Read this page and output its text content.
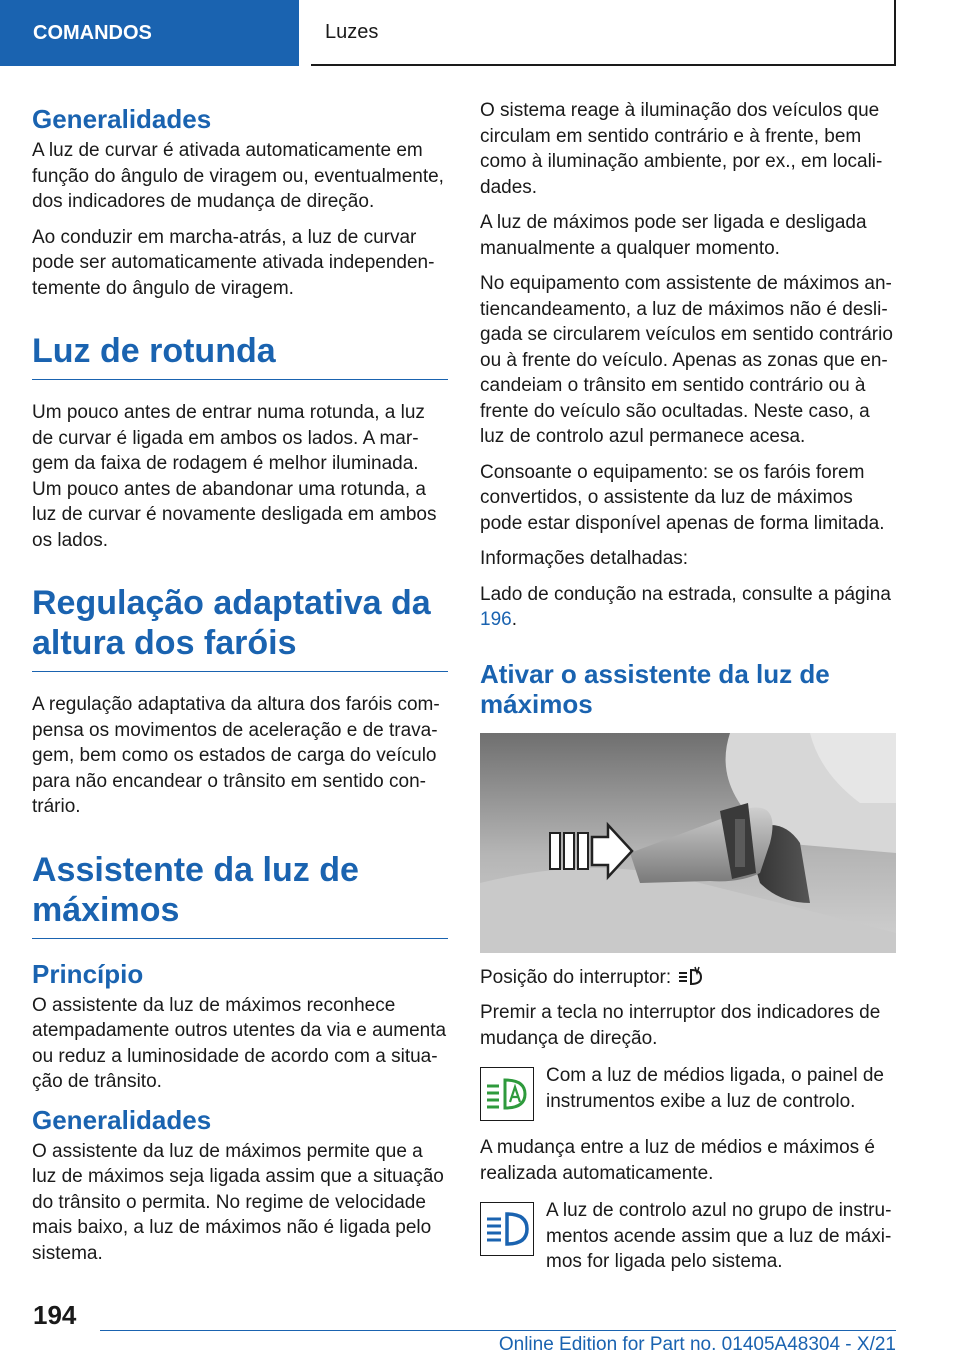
COMANDOS	Luzes
Generalidades

A luz de curvar é ativada automaticamente em função do ângulo de viragem ou, eventualmente, dos indicadores de mudança de direção.

Ao conduzir em marcha-atrás, a luz de curvar pode ser automaticamente ativada independentemente do ângulo de viragem.

Luz de rotunda

Um pouco antes de entrar numa rotunda, a luz de curvar é ligada em ambos os lados. A margem da faixa de rodagem é melhor iluminada. Um pouco antes de abandonar uma rotunda, a luz de curvar é novamente desligada em ambos os lados.

Regulação adaptativa da altura dos faróis

A regulação adaptativa da altura dos faróis compensa os movimentos de aceleração e de travagem, bem como os estados de carga do veículo para não encandear o trânsito em sentido contrário.

Assistente da luz de máximos
Princípio

O assistente da luz de máximos reconhece atempadamente outros utentes da via e aumenta ou reduz a luminosidade de acordo com a situação de trânsito.

Generalidades

O assistente da luz de máximos permite que a luz de máximos seja ligada assim que a situação do trânsito o permita. No regime de velocidade mais baixo, a luz de máximos não é ligada pelo sistema.

O sistema reage à iluminação dos veículos que circulam em sentido contrário e à frente, bem como à iluminação ambiente, por ex., em localidades.

A luz de máximos pode ser ligada e desligada manualmente a qualquer momento.

No equipamento com assistente de máximos antiencandeamento, a luz de máximos não é desligada se circularem veículos em sentido contrário ou à frente do veículo. Apenas as zonas que encandeiam o trânsito em sentido contrário ou à frente do veículo são ocultadas. Neste caso, a luz de controlo azul permanece acesa.

Consoante o equipamento: se os faróis forem convertidos, o assistente da luz de máximos pode estar disponível apenas de forma limitada.

Informações detalhadas:

Lado de condução na estrada, consulte a página 196.

Ativar o assistente da luz de máximos

Posição do interruptor:

Premir a tecla no interruptor dos indicadores de mudança de direção.

Com a luz de médios ligada, o painel de instrumentos exibe a luz de controlo.

A mudança entre a luz de médios e máximos é realizada automaticamente.

A luz de controlo azul no grupo de instrumentos acende assim que a luz de máximos for ligada pelo sistema.

194
Online Edition for Part no. 01405A48304 - X/21
